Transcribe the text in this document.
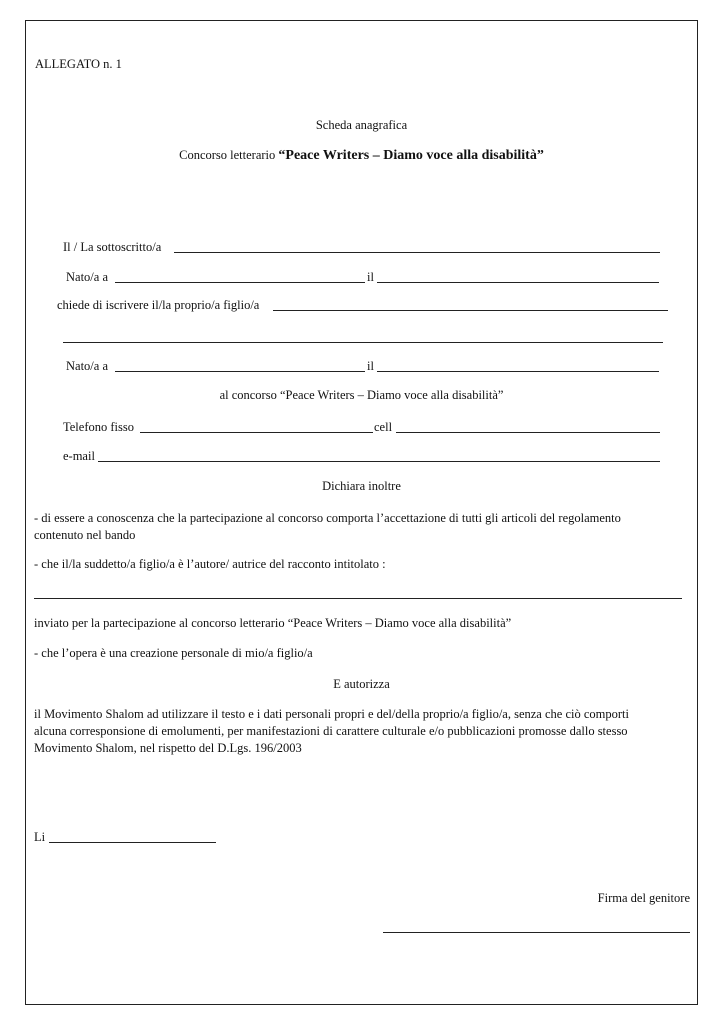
ALLEGATO n. 1

Scheda anagrafica

Concorso letterario “Peace Writers – Diamo voce alla disabilità”

Il / La sottoscritto/a

Nato/a a	il

chiede di iscrivere il/la proprio/a figlio/a

Nato/a a	il

al concorso “Peace Writers – Diamo voce alla disabilità”

Telefono fisso	cell

e-mail

Dichiara inoltre

- di essere a conoscenza che la partecipazione al concorso comporta l’accettazione di tutti gli articoli del regolamento

contenuto nel bando

- che il/la suddetto/a figlio/a è l’autore/ autrice del racconto intitolato :

inviato per la partecipazione al concorso letterario “Peace Writers – Diamo voce alla disabilità”

- che l’opera è una creazione personale di mio/a figlio/a

E autorizza

il Movimento Shalom ad utilizzare il testo e i dati personali propri e del/della proprio/a figlio/a, senza che ciò comporti

alcuna corresponsione di emolumenti, per manifestazioni di carattere culturale e/o pubblicazioni promosse dallo stesso

Movimento Shalom, nel rispetto del D.Lgs. 196/2003

Li

Firma del genitore
